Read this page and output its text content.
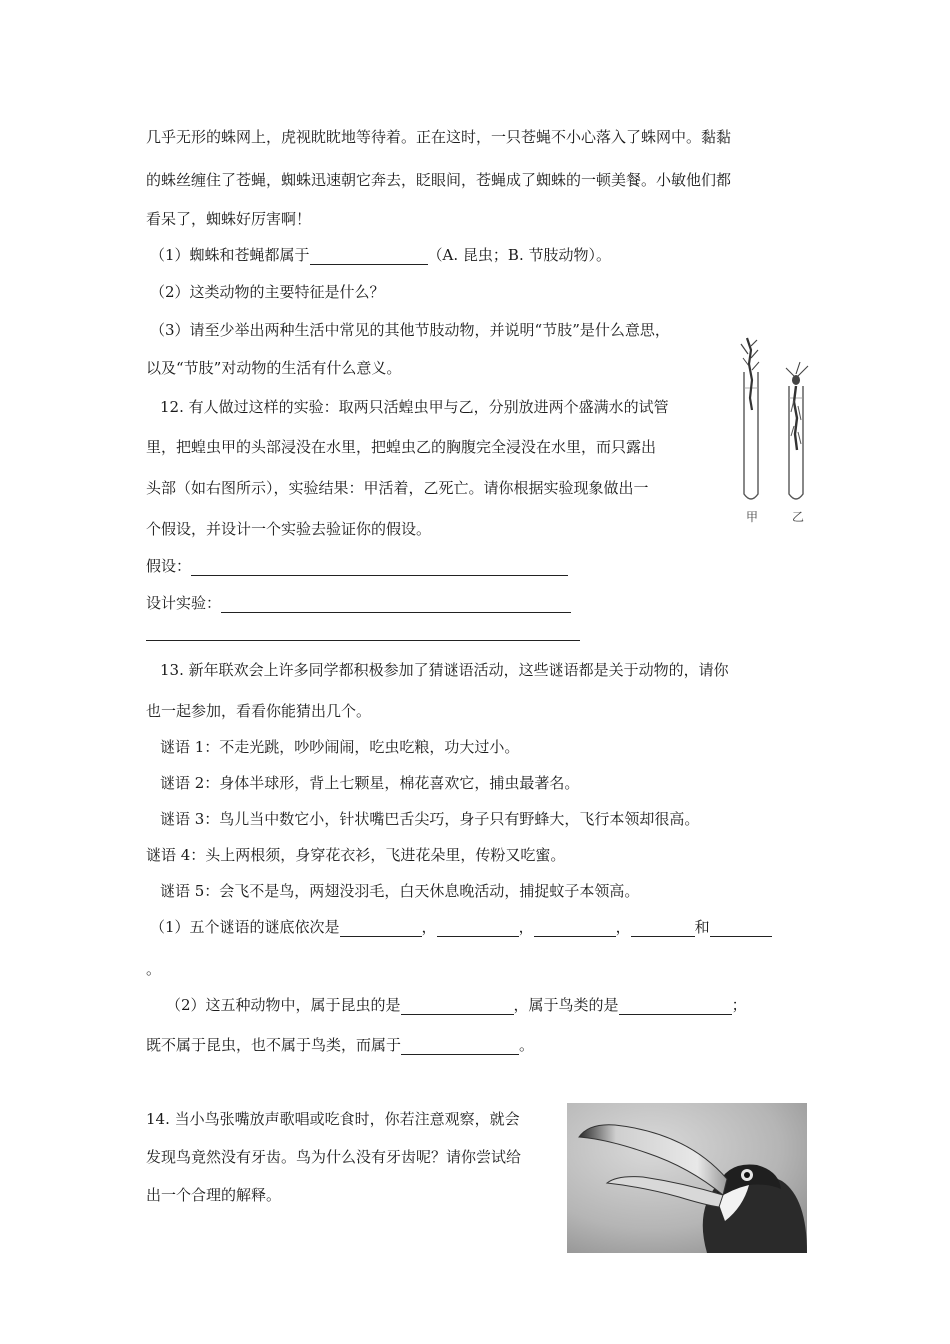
几乎无形的蛛网上，虎视眈眈地等待着。正在这时，一只苍蝇不小心落入了蛛网中。黏黏
的蛛丝缠住了苍蝇，蜘蛛迅速朝它奔去，眨眼间，苍蝇成了蜘蛛的一顿美餐。小敏他们都
看呆了，蜘蛛好厉害啊！
（1）蜘蛛和苍蝇都属于	（A. 昆虫；B. 节肢动物）。
（2）这类动物的主要特征是什么？
（3）请至少举出两种生活中常见的其他节肢动物，并说明“节肢”是什么意思，
以及“节肢”对动物的生活有什么意义。
12. 有人做过这样的实验：取两只活蝗虫甲与乙，分别放进两个盛满水的试管
里，把蝗虫甲的头部浸没在水里，把蝗虫乙的胸腹完全浸没在水里，而只露出
头部（如右图所示），实验结果：甲活着，乙死亡。请你根据实验现象做出一
个假设，并设计一个实验去验证你的假设。
甲	乙
假设：
设计实验：
13. 新年联欢会上许多同学都积极参加了猜谜语活动，这些谜语都是关于动物的，请你
也一起参加，看看你能猜出几个。
谜语 1：不走光跳，吵吵闹闹，吃虫吃粮，功大过小。
谜语 2：身体半球形，背上七颗星，棉花喜欢它，捕虫最著名。
谜语 3：鸟儿当中数它小，针状嘴巴舌尖巧，身子只有野蜂大，飞行本领却很高。
谜语 4：头上两根须，身穿花衣衫，飞进花朵里，传粉又吃蜜。
谜语 5：会飞不是鸟，两翅没羽毛，白天休息晚活动，捕捉蚊子本领高。
（1）五个谜语的谜底依次是	，	，	，	和
。
（2）这五种动物中，属于昆虫的是	，属于鸟类的是	；
既不属于昆虫，也不属于鸟类，而属于	。
14. 当小鸟张嘴放声歌唱或吃食时，你若注意观察，就会
发现鸟竟然没有牙齿。鸟为什么没有牙齿呢？请你尝试给
出一个合理的解释。
